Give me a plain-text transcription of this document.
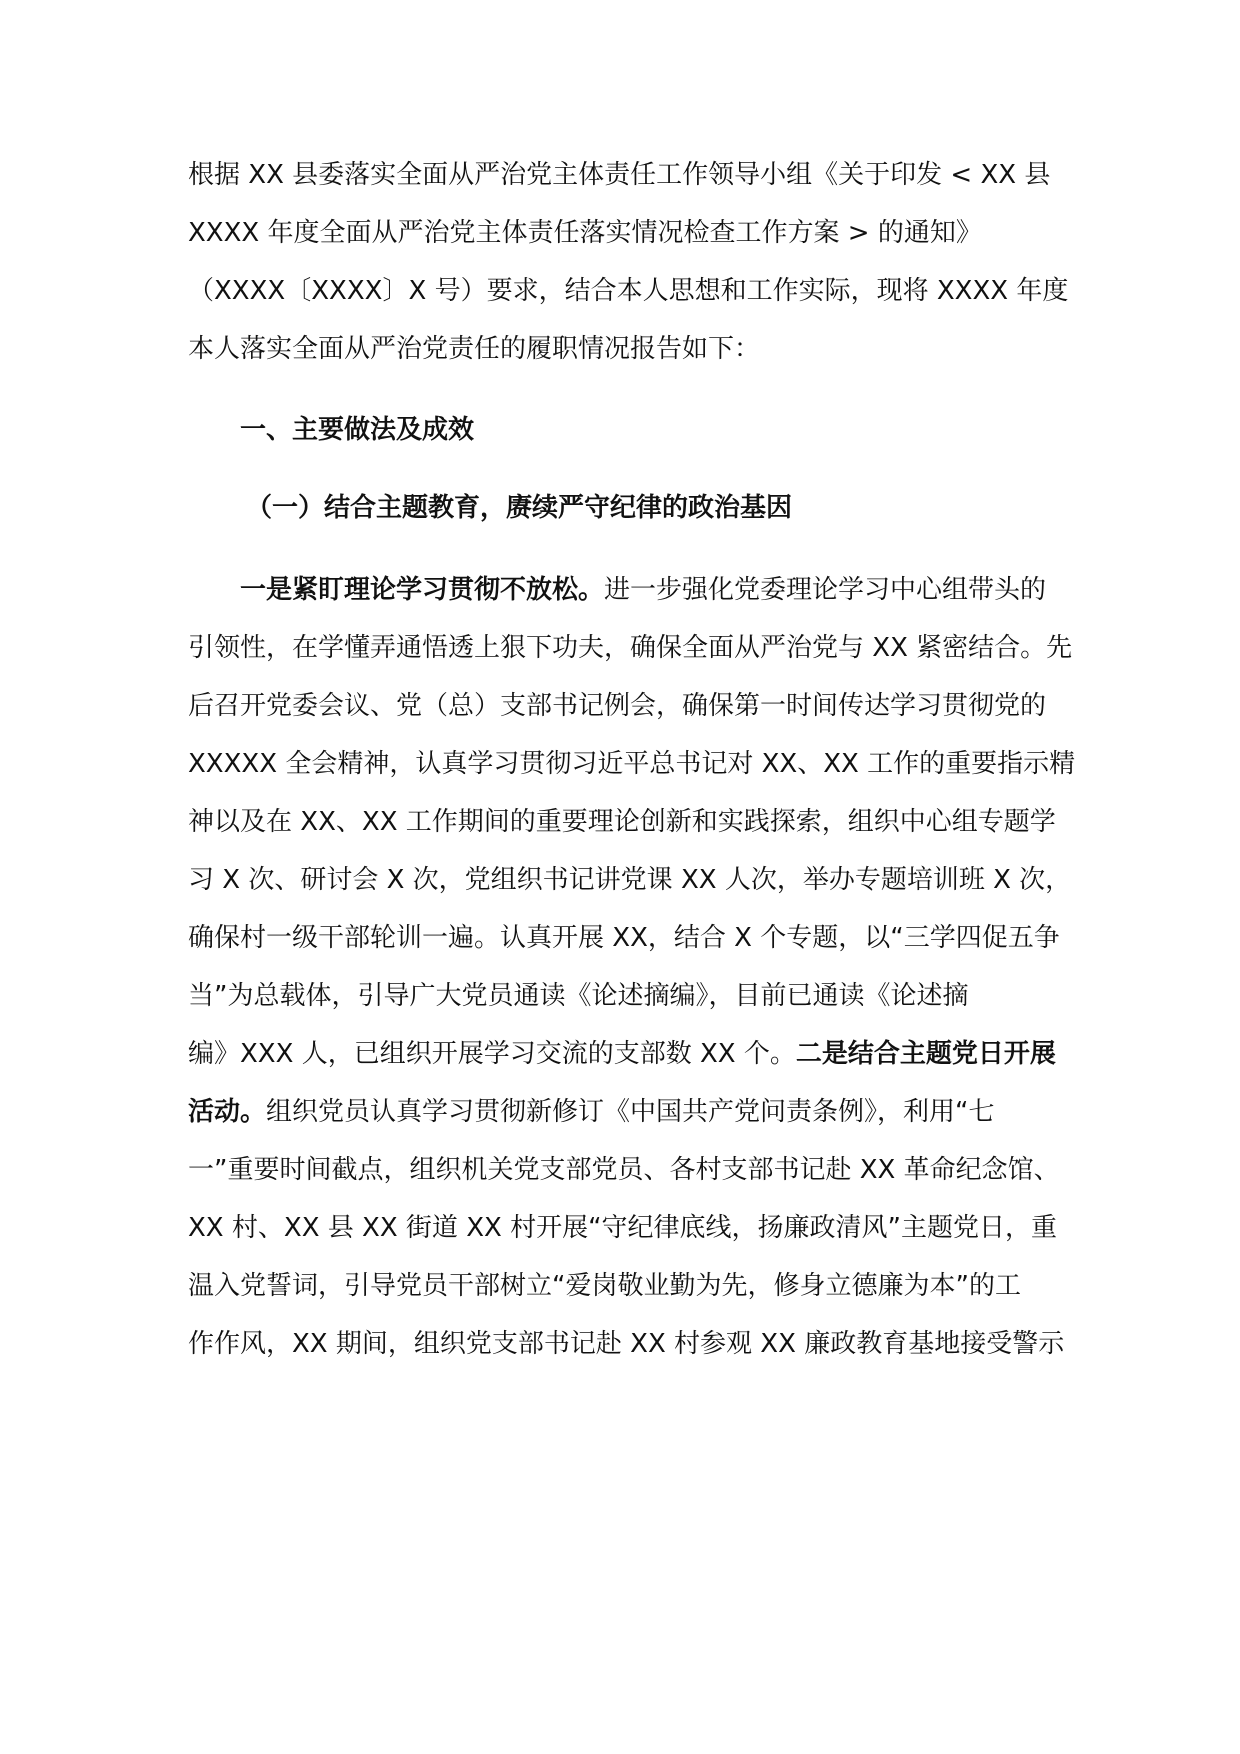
根据 XX 县委落实全面从严治党主体责任工作领导小组《关于印发 < XX 县
XXXX 年度全面从严治党主体责任落实情况检查工作方案 > 的通知》
（XXXX〔XXXX〕X 号）要求，结合本人思想和工作实际，现将 XXXX 年度
本人落实全面从严治党责任的履职情况报告如下：
一、主要做法及成效
（一）结合主题教育，赓续严守纪律的政治基因
一是紧盯理论学习贯彻不放松。进一步强化党委理论学习中心组带头的
引领性，在学懂弄通悟透上狠下功夫，确保全面从严治党与 XX 紧密结合。先
后召开党委会议、党（总）支部书记例会，确保第一时间传达学习贯彻党的
XXXXX 全会精神，认真学习贯彻习近平总书记对 XX、XX 工作的重要指示精
神以及在 XX、XX 工作期间的重要理论创新和实践探索，组织中心组专题学
习 X 次、研讨会 X 次，党组织书记讲党课 XX 人次，举办专题培训班 X 次，
确保村一级干部轮训一遍。认真开展 XX，结合 X 个专题，以“三学四促五争
当”为总载体，引导广大党员通读《论述摘编》，目前已通读《论述摘
编》XXX 人，已组织开展学习交流的支部数 XX 个。二是结合主题党日开展
活动。组织党员认真学习贯彻新修订《中国共产党问责条例》，利用“七
一”重要时间截点，组织机关党支部党员、各村支部书记赴 XX 革命纪念馆、
XX 村、XX 县 XX 街道 XX 村开展“守纪律底线，扬廉政清风”主题党日，重
温入党誓词，引导党员干部树立“爱岗敬业勤为先，修身立德廉为本”的工
作作风，XX 期间，组织党支部书记赴 XX 村参观 XX 廉政教育基地接受警示
